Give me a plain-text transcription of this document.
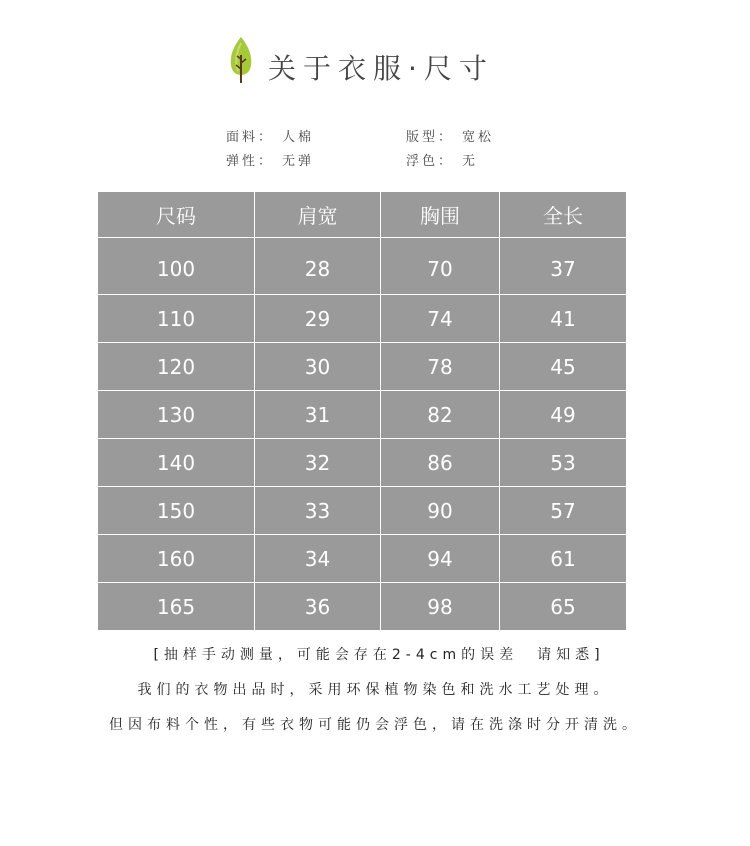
关于衣服·尺寸
面料： 人棉	版型： 宽松
弹性： 无弹	浮色： 无
尺码	肩宽	胸围	全长
100	28	70	37
110	29	74	41
120	30	78	45
130	31	82	49
140	32	86	53
150	33	90	57
160	34	94	61
165	36	98	65
[抽样手动测量，可能会存在2-4cm的误差　请知悉]
我们的衣物出品时，采用环保植物染色和洗水工艺处理。
但因布料个性，有些衣物可能仍会浮色，请在洗涤时分开清洗。
